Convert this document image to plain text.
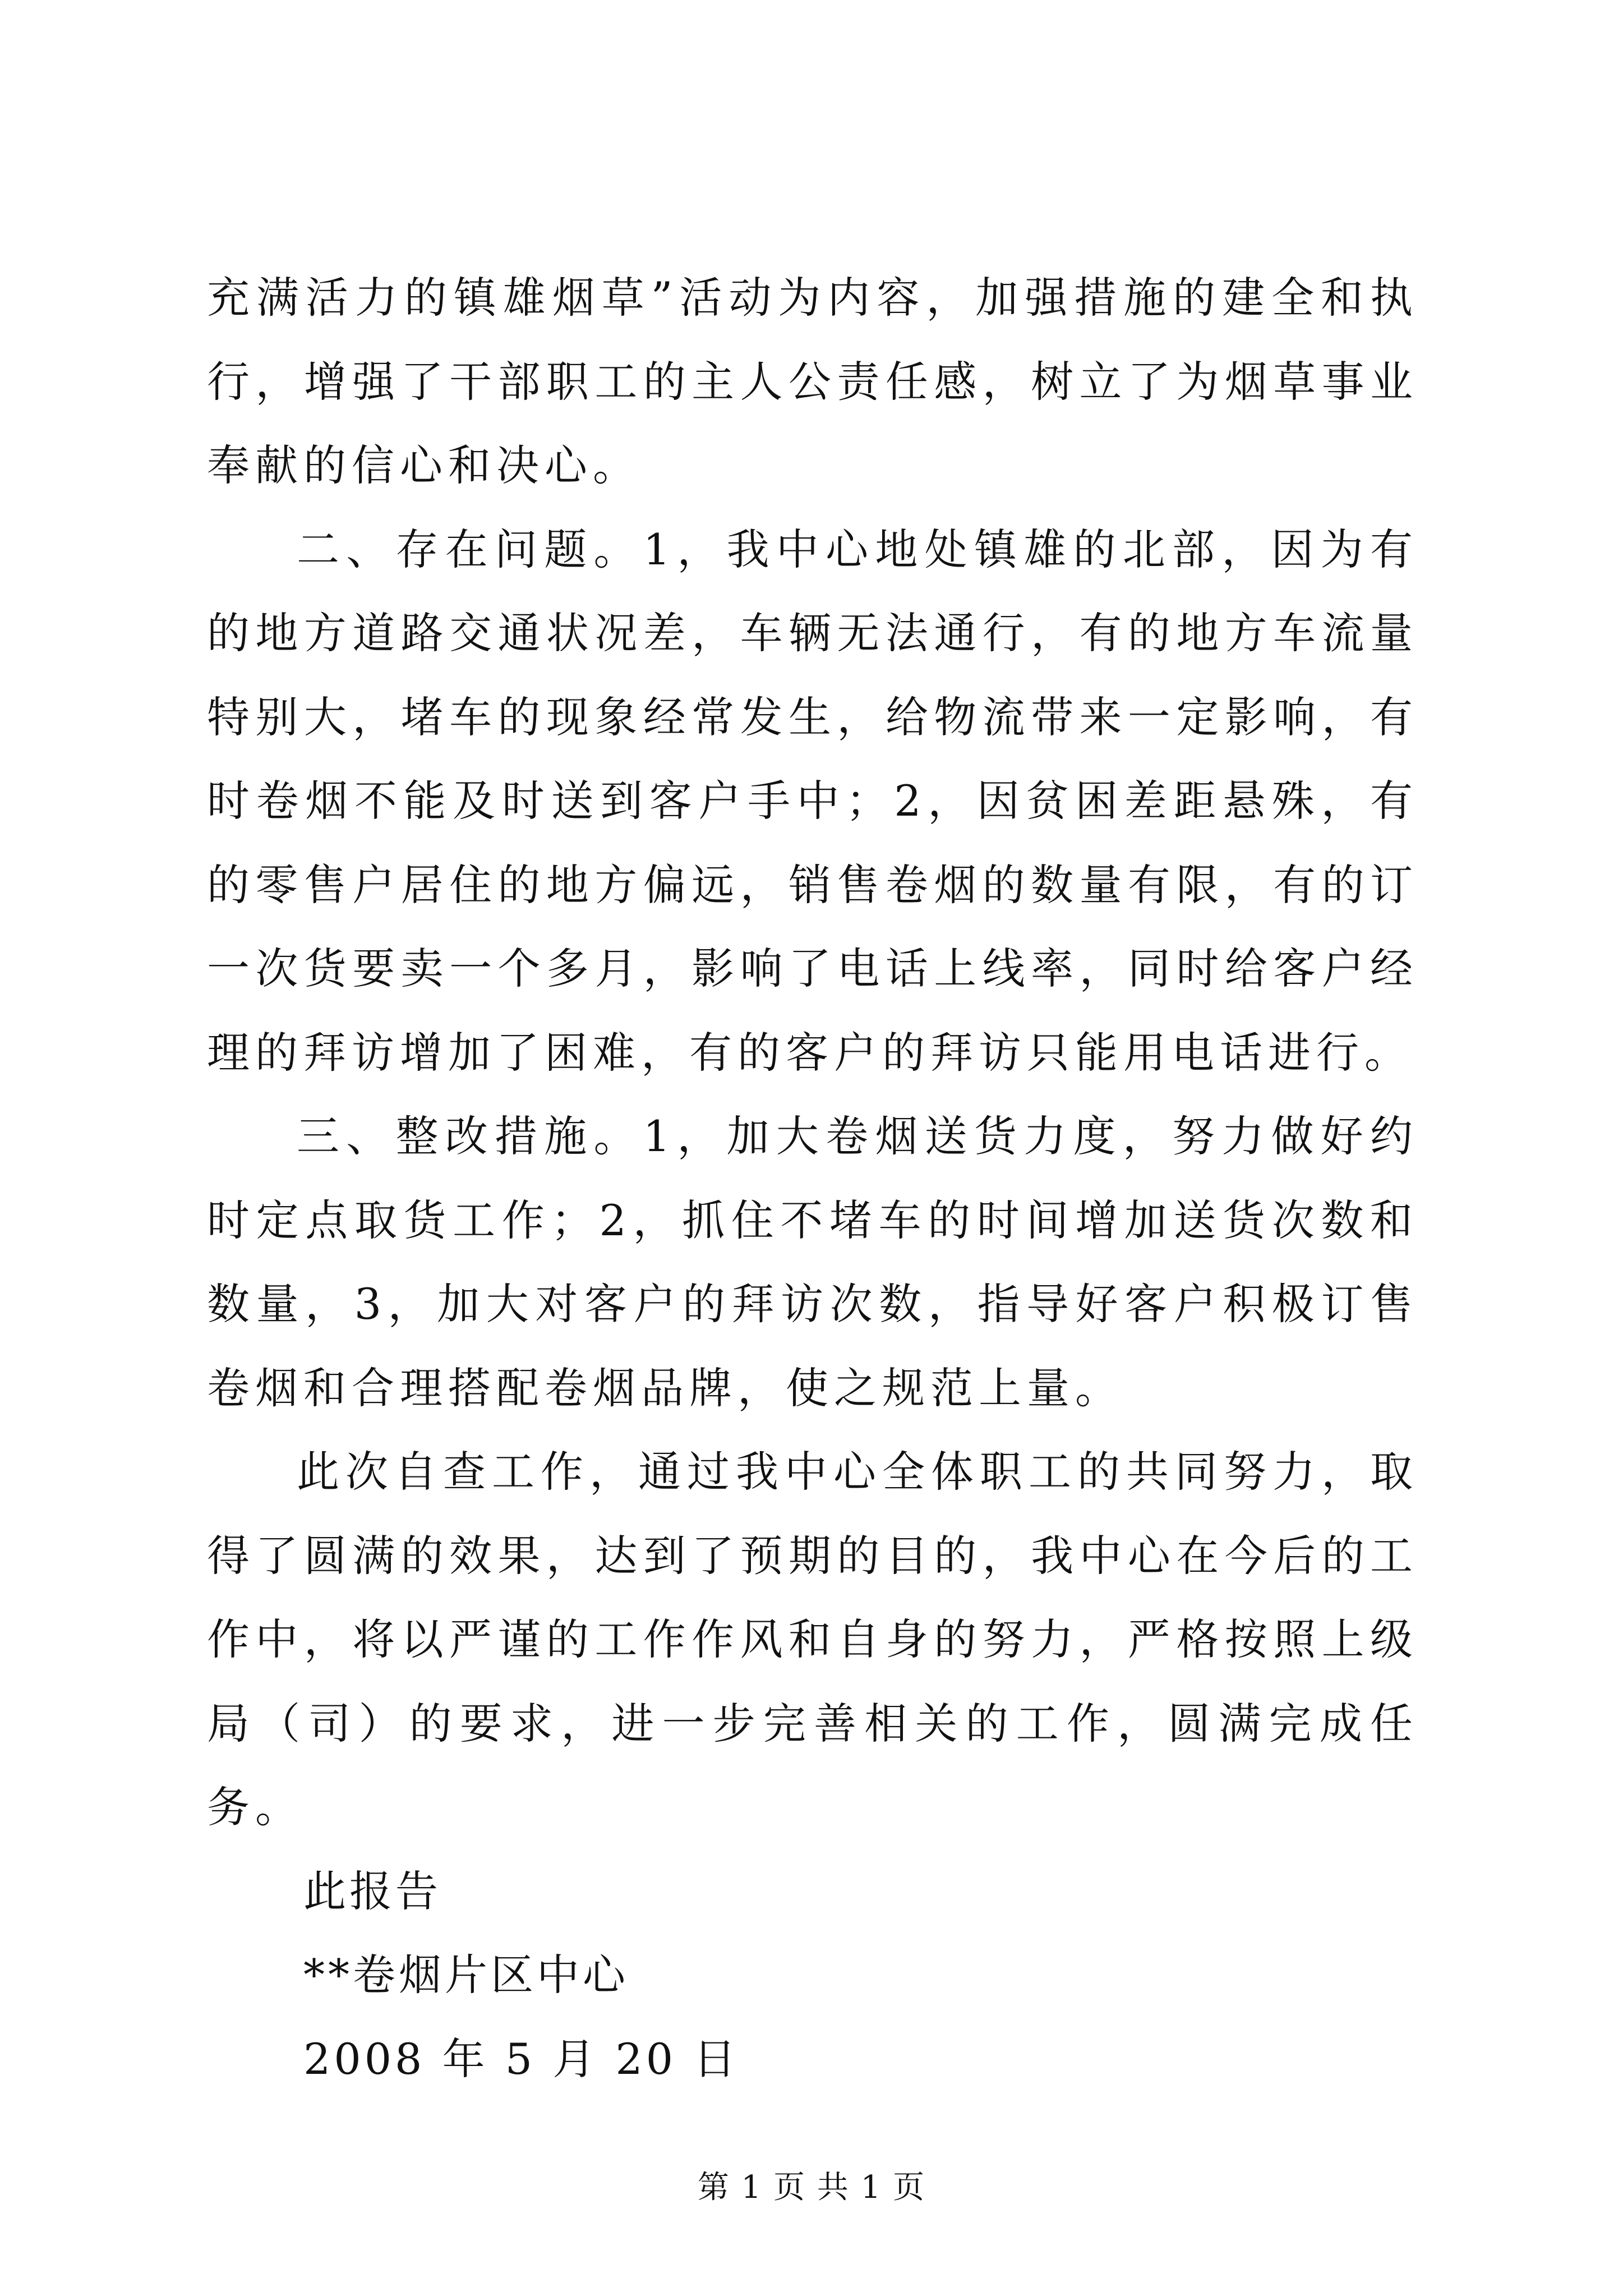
充满活力的镇雄烟草”活动为内容，加强措施的建全和执行，增强了干部职工的主人公责任感，树立了为烟草事业奉献的信心和决心。

二、存在问题。1，我中心地处镇雄的北部，因为有的地方道路交通状况差，车辆无法通行，有的地方车流量特别大，堵车的现象经常发生，给物流带来一定影响，有时卷烟不能及时送到客户手中；2，因贫困差距悬殊，有的零售户居住的地方偏远，销售卷烟的数量有限，有的订一次货要卖一个多月，影响了电话上线率，同时给客户经理的拜访增加了困难，有的客户的拜访只能用电话进行。

三、整改措施。1，加大卷烟送货力度，努力做好约时定点取货工作；2，抓住不堵车的时间增加送货次数和数量，3，加大对客户的拜访次数，指导好客户积极订售卷烟和合理搭配卷烟品牌，使之规范上量。

此次自查工作，通过我中心全体职工的共同努力，取得了圆满的效果，达到了预期的目的，我中心在今后的工作中，将以严谨的工作作风和自身的努力，严格按照上级局（司）的要求，进一步完善相关的工作，圆满完成任务。

此报告

**卷烟片区中心

2008 年 5 月 20 日

第 1 页 共 1 页
